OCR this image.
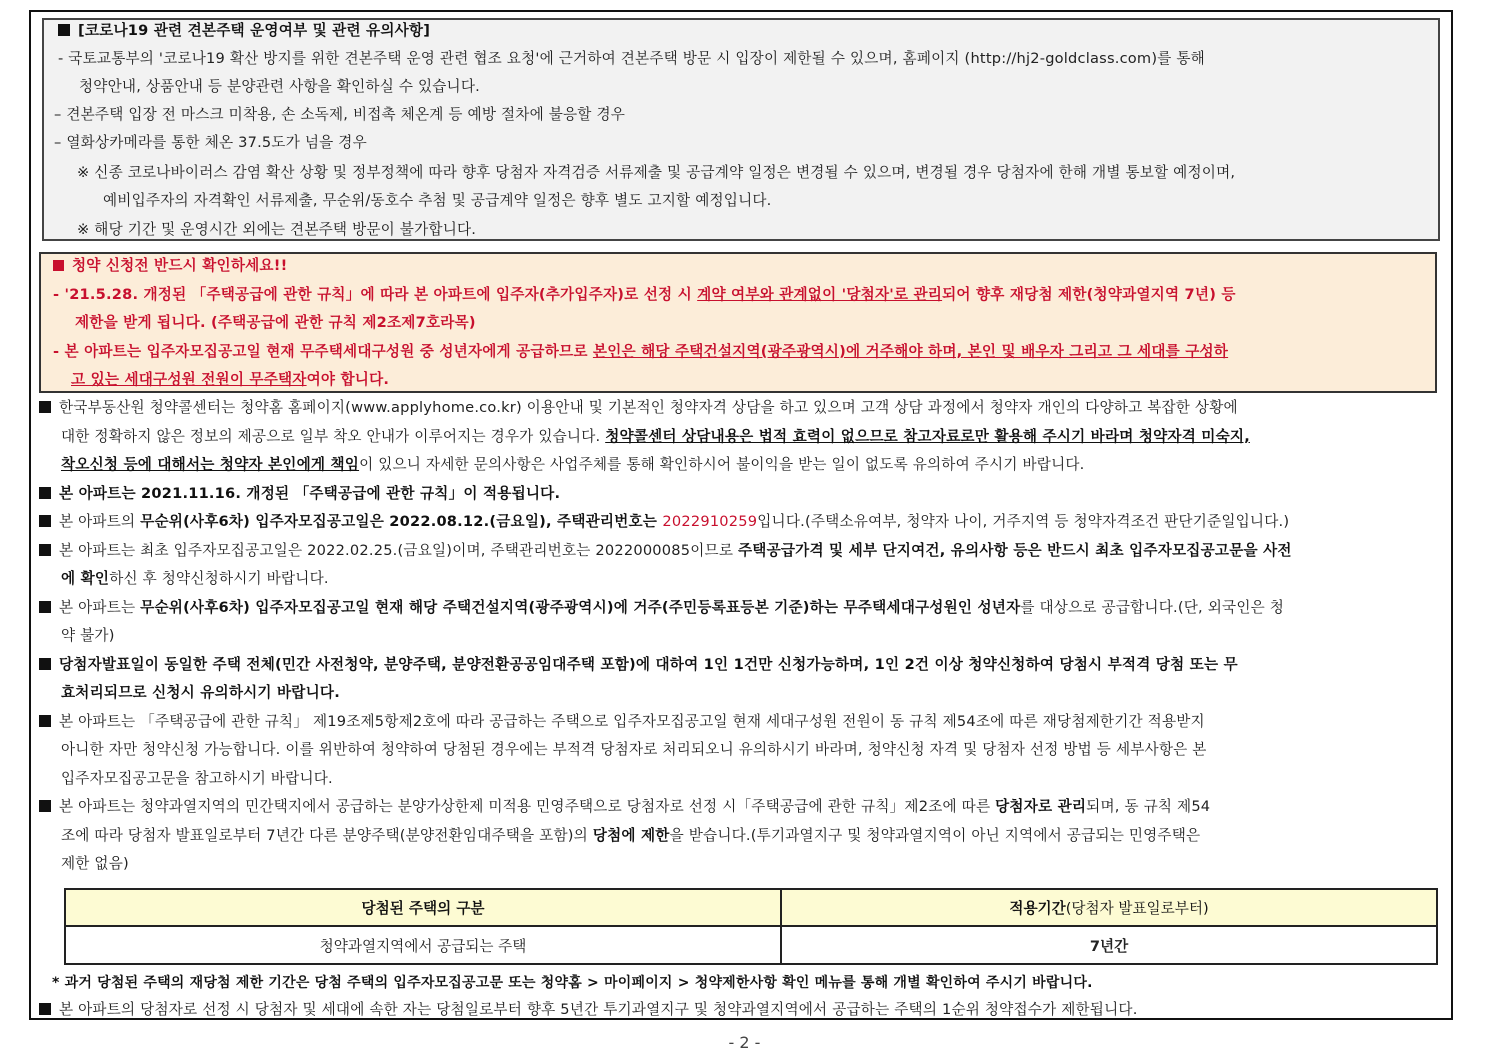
[코로나19 관련 견본주택 운영여부 및 관련 유의사항]
- 국토교통부의 '코로나19 확산 방지를 위한 견본주택 운영 관련 협조 요청'에 근거하여 견본주택 방문 시 입장이 제한될 수 있으며, 홈페이지 (http://hj2-goldclass.com)를 통해
청약안내, 상품안내 등 분양관련 사항을 확인하실 수 있습니다.
– 견본주택 입장 전 마스크 미착용, 손 소독제, 비접촉 체온계 등 예방 절차에 불응할 경우
– 열화상카메라를 통한 체온 37.5도가 넘을 경우
※ 신종 코로나바이러스 감염 확산 상황 및 정부정책에 따라 향후 당첨자 자격검증 서류제출 및 공급계약 일정은 변경될 수 있으며, 변경될 경우 당첨자에 한해 개별 통보할 예정이며,
예비입주자의 자격확인 서류제출, 무순위/동호수 추첨 및 공급계약 일정은 향후 별도 고지할 예정입니다.
※ 해당 기간 및 운영시간 외에는 견본주택 방문이 불가합니다.
청약 신청전 반드시 확인하세요!!
- '21.5.28. 개정된 「주택공급에 관한 규칙」에 따라 본 아파트에 입주자(추가입주자)로 선정 시 계약 여부와 관계없이 '당첨자'로 관리되어 향후 재당첨 제한(청약과열지역 7년) 등
제한을 받게 됩니다. (주택공급에 관한 규칙 제2조제7호라목)
- 본 아파트는 입주자모집공고일 현재 무주택세대구성원 중 성년자에게 공급하므로 본인은 해당 주택건설지역(광주광역시)에 거주해야 하며, 본인 및 배우자 그리고 그 세대를 구성하
고 있는 세대구성원 전원이 무주택자여야 합니다.
한국부동산원 청약콜센터는 청약홈 홈페이지(www.applyhome.co.kr) 이용안내 및 기본적인 청약자격 상담을 하고 있으며 고객 상담 과정에서 청약자 개인의 다양하고 복잡한 상황에
대한 정확하지 않은 정보의 제공으로 일부 착오 안내가 이루어지는 경우가 있습니다. 청약콜센터 상담내용은 법적 효력이 없으므로 참고자료로만 활용해 주시기 바라며 청약자격 미숙지,
착오신청 등에 대해서는 청약자 본인에게 책임이 있으니 자세한 문의사항은 사업주체를 통해 확인하시어 불이익을 받는 일이 없도록 유의하여 주시기 바랍니다.
본 아파트는 2021.11.16. 개정된 「주택공급에 관한 규칙」이 적용됩니다.
본 아파트의 무순위(사후6차) 입주자모집공고일은 2022.08.12.(금요일), 주택관리번호는 2022910259입니다.(주택소유여부, 청약자 나이, 거주지역 등 청약자격조건 판단기준일입니다.)
본 아파트는 최초 입주자모집공고일은 2022.02.25.(금요일)이며, 주택관리번호는 2022000085이므로 주택공급가격 및 세부 단지여건, 유의사항 등은 반드시 최초 입주자모집공고문을 사전
에 확인하신 후 청약신청하시기 바랍니다.
본 아파트는 무순위(사후6차) 입주자모집공고일 현재 해당 주택건설지역(광주광역시)에 거주(주민등록표등본 기준)하는 무주택세대구성원인 성년자를 대상으로 공급합니다.(단, 외국인은 청
약 불가)
당첨자발표일이 동일한 주택 전체(민간 사전청약, 분양주택, 분양전환공공임대주택 포함)에 대하여 1인 1건만 신청가능하며, 1인 2건 이상 청약신청하여 당첨시 부적격 당첨 또는 무
효처리되므로 신청시 유의하시기 바랍니다.
본 아파트는 「주택공급에 관한 규칙」 제19조제5항제2호에 따라 공급하는 주택으로 입주자모집공고일 현재 세대구성원 전원이 동 규칙 제54조에 따른 재당첨제한기간 적용받지
아니한 자만 청약신청 가능합니다. 이를 위반하여 청약하여 당첨된 경우에는 부적격 당첨자로 처리되오니 유의하시기 바라며, 청약신청 자격 및 당첨자 선정 방법 등 세부사항은 본
입주자모집공고문을 참고하시기 바랍니다.
본 아파트는 청약과열지역의 민간택지에서 공급하는 분양가상한제 미적용 민영주택으로 당첨자로 선정 시「주택공급에 관한 규칙」제2조에 따른 당첨자로 관리되며, 동 규칙 제54
조에 따라 당첨자 발표일로부터 7년간 다른 분양주택(분양전환임대주택을 포함)의 당첨에 제한을 받습니다.(투기과열지구 및 청약과열지역이 아닌 지역에서 공급되는 민영주택은
제한 없음)
당첨된 주택의 구분	적용기간(당첨자 발표일로부터)
청약과열지역에서 공급되는 주택	7년간
* 과거 당첨된 주택의 재당첨 제한 기간은 당첨 주택의 입주자모집공고문 또는 청약홈 > 마이페이지 > 청약제한사항 확인 메뉴를 통해 개별 확인하여 주시기 바랍니다.
본 아파트의 당첨자로 선정 시 당첨자 및 세대에 속한 자는 당첨일로부터 향후 5년간 투기과열지구 및 청약과열지역에서 공급하는 주택의 1순위 청약접수가 제한됩니다.
- 2 -
